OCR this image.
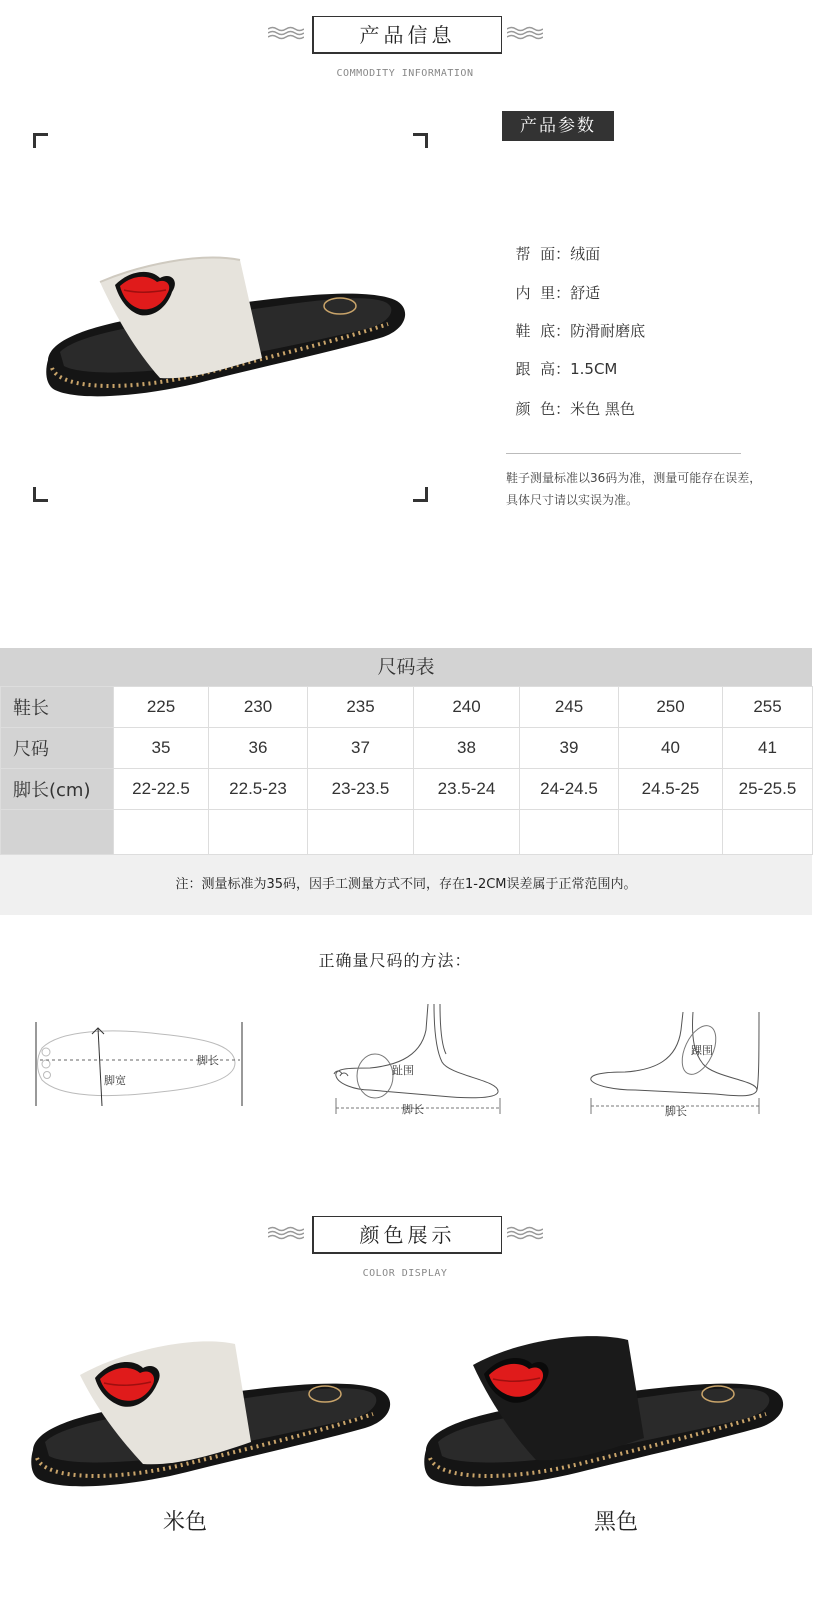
产品信息
COMMODITY INFORMATION
产品参数

帮  面：绒面

内  里：舒适

鞋  底：防滑耐磨底

跟  高：1.5CM

颜  色：米色 黑色

鞋子测量标准以36码为准，测量可能存在误差，
具体尺寸请以实误为准。
尺码表
鞋长	225	230	235	240	245	250	255
尺码	35	36	37	38	39	40	41
脚长(cm)	22-22.5	22.5-23	23-23.5	23.5-24	24-24.5	24.5-25	25-25.5

注：测量标准为35码，因手工测量方式不同，存在1-2CM误差属于正常范围内。
正确量尺码的方法：
脚长
脚宽
趾围
脚长
踝围
脚长
颜色展示
COLOR DISPLAY
米色	黑色
